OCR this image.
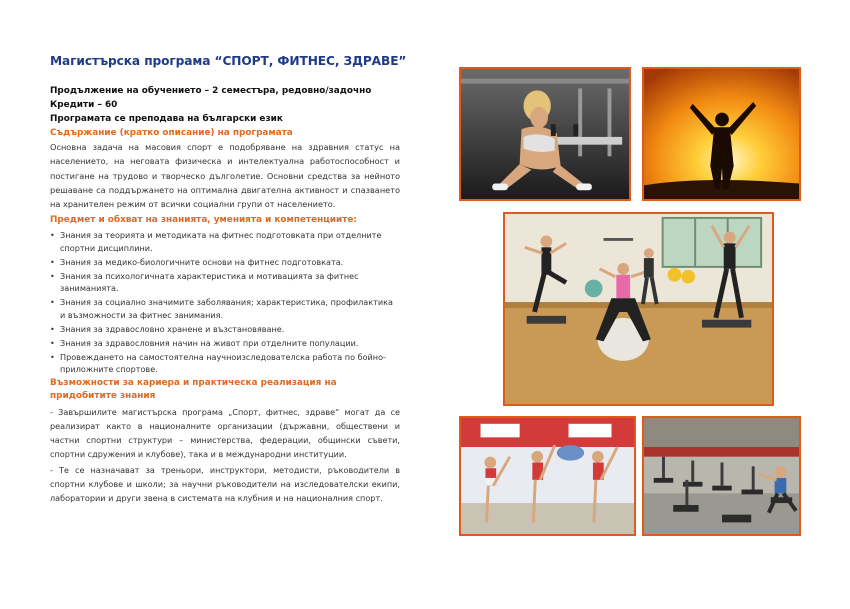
Магистърска програма “СПОРТ, ФИТНЕС, ЗДРАВЕ”
Продължение на обучението – 2 семестъра, редовно/задочно
Кредити – 60
Програмата се преподава на български език
Съдържание (кратко описание) на програмата
Основна задача на масовия спорт е подобряване на здравния статус на населението, на неговата физическа и интелектуална работоспособност и постигане на трудово и творческо дълголетие. Основни средства за нейното решаване са поддържането на оптимална двигателна активност и спазването на хранителен режим от всички социални групи от населението.
Предмет и обхват на знанията, уменията и компетенциите:
• Знания за теорията и методиката на фитнес подготовката при отделните спортни дисциплини.
• Знания за медико-биологичните основи на фитнес подготовката.
• Знания за психологичната характеристика и мотивацията за фитнес заниманията.
• Знания за социално значимите заболявания; характеристика, профилактика и възможности за фитнес занимания.
• Знания за здравословно хранене и възстановяване.
• Знания за здравословния начин на живот при отделните популации.
• Провеждането на самостоятелна научноизследователска работа по бойно-приложните спортове.
Възможности за кариера и практическа реализация на придобитите знания
- Завършилите магистърска програма „Спорт, фитнес, здраве“ могат да се реализират както в националните организации (държавни, обществени и частни спортни структури – министерства, федерации, общински съвети, спортни сдружения и клубове), така и в международни институции.
- Те се назначават за треньори, инструктори, методисти, ръководители в спортни клубове и школи; за научни ръководители на изследователски екипи, лаборатории и други звена в системата на клубния и на националния спорт.
